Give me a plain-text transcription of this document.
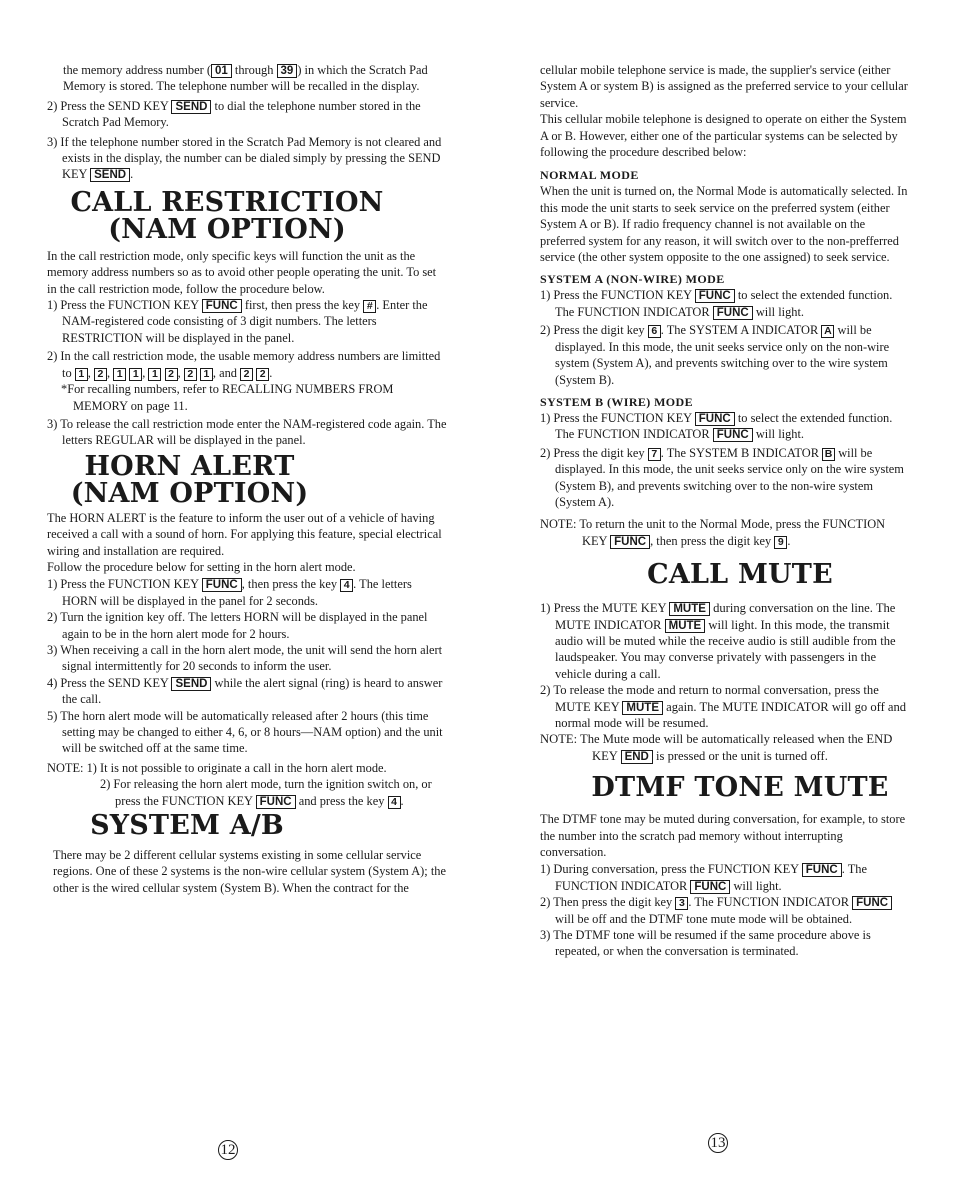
the memory address number ( 01 through 39 ) in which the Scratch Pad Memory is stored. The telephone number will be recalled in the display.

2) Press the SEND KEY SEND to dial the telephone number stored in the Scratch Pad Memory.

3) If the telephone number stored in the Scratch Pad Memory is not cleared and exists in the display, the number can be dialed simply by pressing the SEND KEY SEND .

CALL RESTRICTION
(NAM OPTION)

In the call restriction mode, only specific keys will function the unit as the memory address numbers so as to avoid other people operating the unit. To set in the call restriction mode, follow the procedure below.

1) Press the FUNCTION KEY FUNC first, then press the key # . Enter the NAM-registered code consisting of 3 digit numbers. The letters RESTRICTION will be displayed in the panel.

2) In the call restriction mode, the usable memory address numbers are limitted to 1 , 2 , 1 1 , 1 2 , 2 1 , and 2 2 .

*For recalling numbers, refer to RECALLING NUMBERS FROM MEMORY on page 11.

3) To release the call restriction mode enter the NAM-registered code again. The letters REGULAR will be displayed in the panel.

HORN ALERT
(NAM OPTION)

The HORN ALERT is the feature to inform the user out of a vehicle of having received a call with a sound of horn. For applying this feature, special electrical wiring and installation are required.

Follow the procedure below for setting in the horn alert mode.

1) Press the FUNCTION KEY FUNC , then press the key 4 . The letters HORN will be displayed in the panel for 2 seconds.

2) Turn the ignition key off. The letters HORN will be displayed in the panel again to be in the horn alert mode for 2 hours.

3) When receiving a call in the horn alert mode, the unit will send the horn alert signal intermittently for 20 seconds to inform the user.

4) Press the SEND KEY SEND while the alert signal (ring) is heard to answer the call.

5) The horn alert mode will be automatically released after 2 hours (this time setting may be changed to either 4, 6, or 8 hours—NAM option) and the unit will be switched off at the same time.

NOTE: 1) It is not possible to originate a call in the horn alert mode.

2) For releasing the horn alert mode, turn the ignition switch on, or press the FUNCTION KEY FUNC and press the key 4 .

SYSTEM A/B

There may be 2 different cellular systems existing in some cellular service regions. One of these 2 systems is the non-wire cellular system (System A); the other is the wired cellular system (System B). When the contract for the

12

cellular mobile telephone service is made, the supplier's service (either System A or system B) is assigned as the preferred service to your cellular service.

This cellular mobile telephone is designed to operate on either the System A or B. However, either one of the particular systems can be selected by following the procedure described below:

NORMAL MODE

When the unit is turned on, the Normal Mode is automatically selected. In this mode the unit starts to seek service on the preferred system (either System A or B). If radio frequency channel is not available on the preferred system for any reason, it will switch over to the non-prefferred service (the other system opposite to the one assigned) to seek service.

SYSTEM A (NON-WIRE) MODE

1) Press the FUNCTION KEY FUNC to select the extended function. The FUNCTION INDICATOR FUNC will light.

2) Press the digit key 6 . The SYSTEM A INDICATOR A will be displayed. In this mode, the unit seeks service only on the non-wire system (System A), and prevents switching over to the wire system (System B).

SYSTEM B (WIRE) MODE

1) Press the FUNCTION KEY FUNC to select the extended function. The FUNCTION INDICATOR FUNC will light.

2) Press the digit key 7 . The SYSTEM B INDICATOR B will be displayed. In this mode, the unit seeks service only on the wire system (System B), and prevents switching over to the non-wire system (System A).

NOTE: To return the unit to the Normal Mode, press the FUNCTION KEY FUNC , then press the digit key 9 .

CALL MUTE

1) Press the MUTE KEY MUTE during conversation on the line. The MUTE INDICATOR MUTE will light. In this mode, the transmit audio will be muted while the receive audio is still audible from the laudspeaker. You may converse privately with passengers in the vehicle during a call.

2) To release the mode and return to normal conversation, press the MUTE KEY MUTE again. The MUTE INDICATOR will go off and normal mode will be resumed.

NOTE: The Mute mode will be automatically released when the END KEY END is pressed or the unit is turned off.

DTMF TONE MUTE

The DTMF tone may be muted during conversation, for example, to store the number into the scratch pad memory without interrupting conversation.

1) During conversation, press the FUNCTION KEY FUNC . The FUNCTION INDICATOR FUNC will light.

2) Then press the digit key 3 . The FUNCTION INDICATOR FUNC will be off and the DTMF tone mute mode will be obtained.

3) The DTMF tone will be resumed if the same procedure above is repeated, or when the conversation is terminated.

13
